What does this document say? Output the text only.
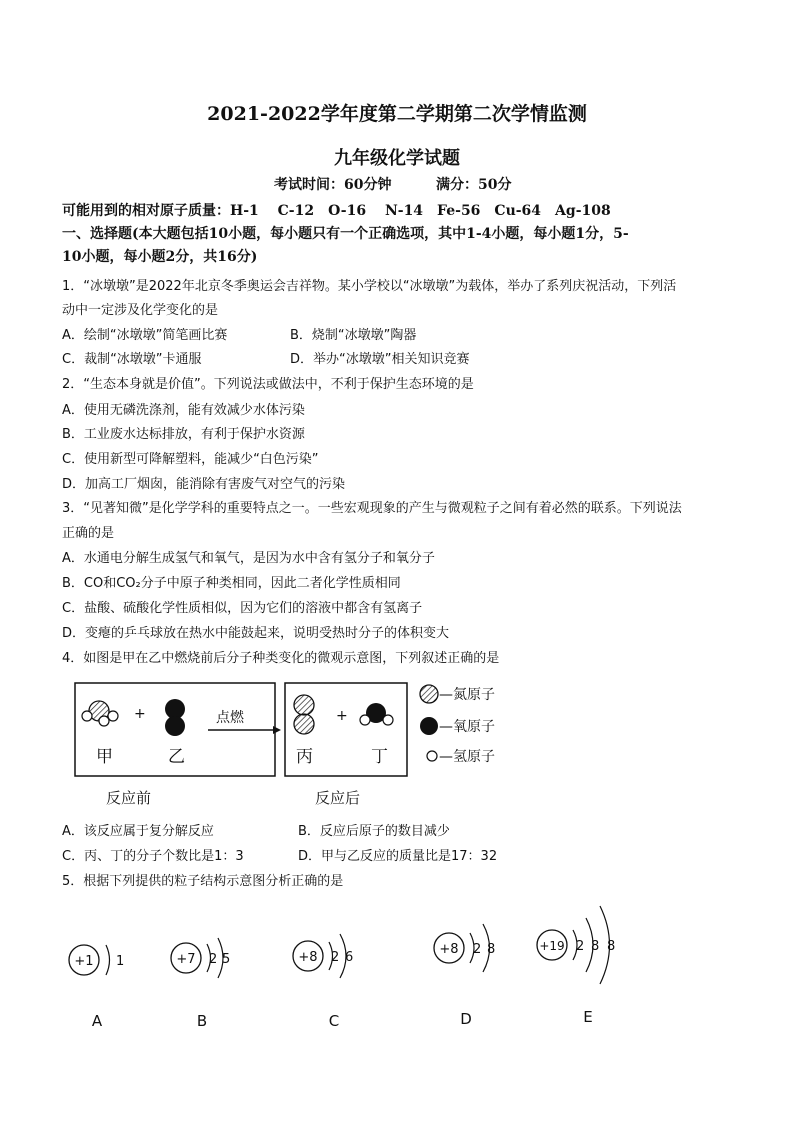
2021-2022学年度第二学期第二次学情监测
九年级化学试题
考试时间：60分钟	满分：50分
可能用到的相对原子质量：H-1　 C-12　O-16　 N-14　Fe-56　Cu-64　Ag-108
一、选择题(本大题包括10小题，每小题只有一个正确选项，其中1-4小题，每小题1分，5-
10小题，每小题2分，共16分)
1．“冰墩墩”是2022年北京冬季奥运会吉祥物。某小学校以“冰墩墩”为载体，举办了系列庆祝活动，下列活
动中一定涉及化学变化的是
A．绘制“冰墩墩”简笔画比赛	B．烧制“冰墩墩”陶器
C．裁制“冰墩墩”卡通服	D．举办“冰墩墩”相关知识竞赛
2．“生态本身就是价值”。下列说法或做法中，不利于保护生态环境的是
A．使用无磷洗涤剂，能有效减少水体污染
B．工业废水达标排放，有利于保护水资源
C．使用新型可降解塑料，能减少“白色污染”
D．加高工厂烟囱，能消除有害废气对空气的污染
3．“见著知微”是化学学科的重要特点之一。一些宏观现象的产生与微观粒子之间有着必然的联系。下列说法
正确的是
A．水通电分解生成氢气和氧气，是因为水中含有氢分子和氧分子
B．CO和CO₂分子中原子种类相同，因此二者化学性质相同
C．盐酸、硫酸化学性质相似，因为它们的溶液中都含有氢离子
D．变瘪的乒乓球放在热水中能鼓起来，说明受热时分子的体积变大
4．如图是甲在乙中燃烧前后分子种类变化的微观示意图，下列叙述正确的是
+
甲	乙
点燃	+
丙	丁
—氮原子
—氧原子
—氢原子
反应前	反应后
A．该反应属于复分解反应	B．反应后原子的数目减少
C．丙、丁的分子个数比是1：3	D．甲与乙反应的质量比是17：32
5．根据下列提供的粒子结构示意图分析正确的是
+1 1
A
+7 2 5
B
+8 2 6
C
+8 2 8
D
+19 2 8 8
E
